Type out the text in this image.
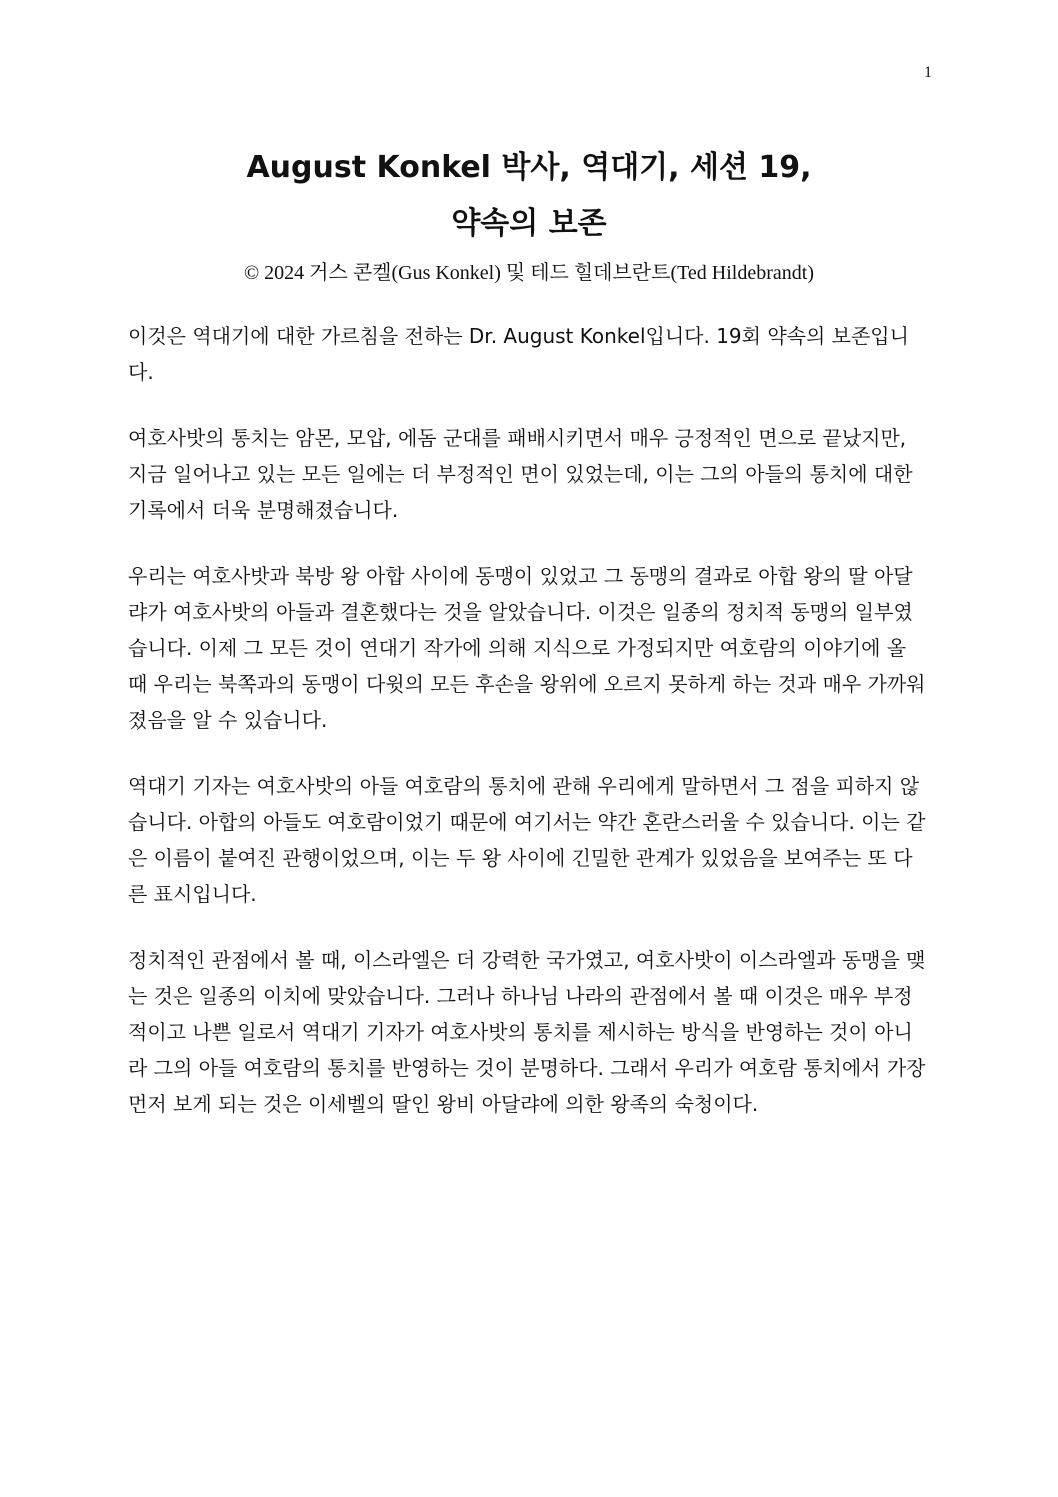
1
August Konkel 박사, 역대기, 세션 19,
약속의 보존
© 2024 거스 콘켈(Gus Konkel) 및 테드 힐데브란트(Ted Hildebrandt)

이것은 역대기에 대한 가르침을 전하는 Dr. August Konkel입니다. 19회 약속의 보존입니다.

여호사밧의 통치는 암몬, 모압, 에돔 군대를 패배시키면서 매우 긍정적인 면으로 끝났지만, 지금 일어나고 있는 모든 일에는 더 부정적인 면이 있었는데, 이는 그의 아들의 통치에 대한 기록에서 더욱 분명해졌습니다.

우리는 여호사밧과 북방 왕 아합 사이에 동맹이 있었고 그 동맹의 결과로 아합 왕의 딸 아달랴가 여호사밧의 아들과 결혼했다는 것을 알았습니다. 이것은 일종의 정치적 동맹의 일부였습니다. 이제 그 모든 것이 연대기 작가에 의해 지식으로 가정되지만 여호람의 이야기에 올 때 우리는 북쪽과의 동맹이 다윗의 모든 후손을 왕위에 오르지 못하게 하는 것과 매우 가까워졌음을 알 수 있습니다.

역대기 기자는 여호사밧의 아들 여호람의 통치에 관해 우리에게 말하면서 그 점을 피하지 않습니다. 아합의 아들도 여호람이었기 때문에 여기서는 약간 혼란스러울 수 있습니다. 이는 같은 이름이 붙여진 관행이었으며, 이는 두 왕 사이에 긴밀한 관계가 있었음을 보여주는 또 다른 표시입니다.

정치적인 관점에서 볼 때, 이스라엘은 더 강력한 국가였고, 여호사밧이 이스라엘과 동맹을 맺는 것은 일종의 이치에 맞았습니다. 그러나 하나님 나라의 관점에서 볼 때 이것은 매우 부정적이고 나쁜 일로서 역대기 기자가 여호사밧의 통치를 제시하는 방식을 반영하는 것이 아니라 그의 아들 여호람의 통치를 반영하는 것이 분명하다. 그래서 우리가 여호람 통치에서 가장 먼저 보게 되는 것은 이세벨의 딸인 왕비 아달랴에 의한 왕족의 숙청이다.
